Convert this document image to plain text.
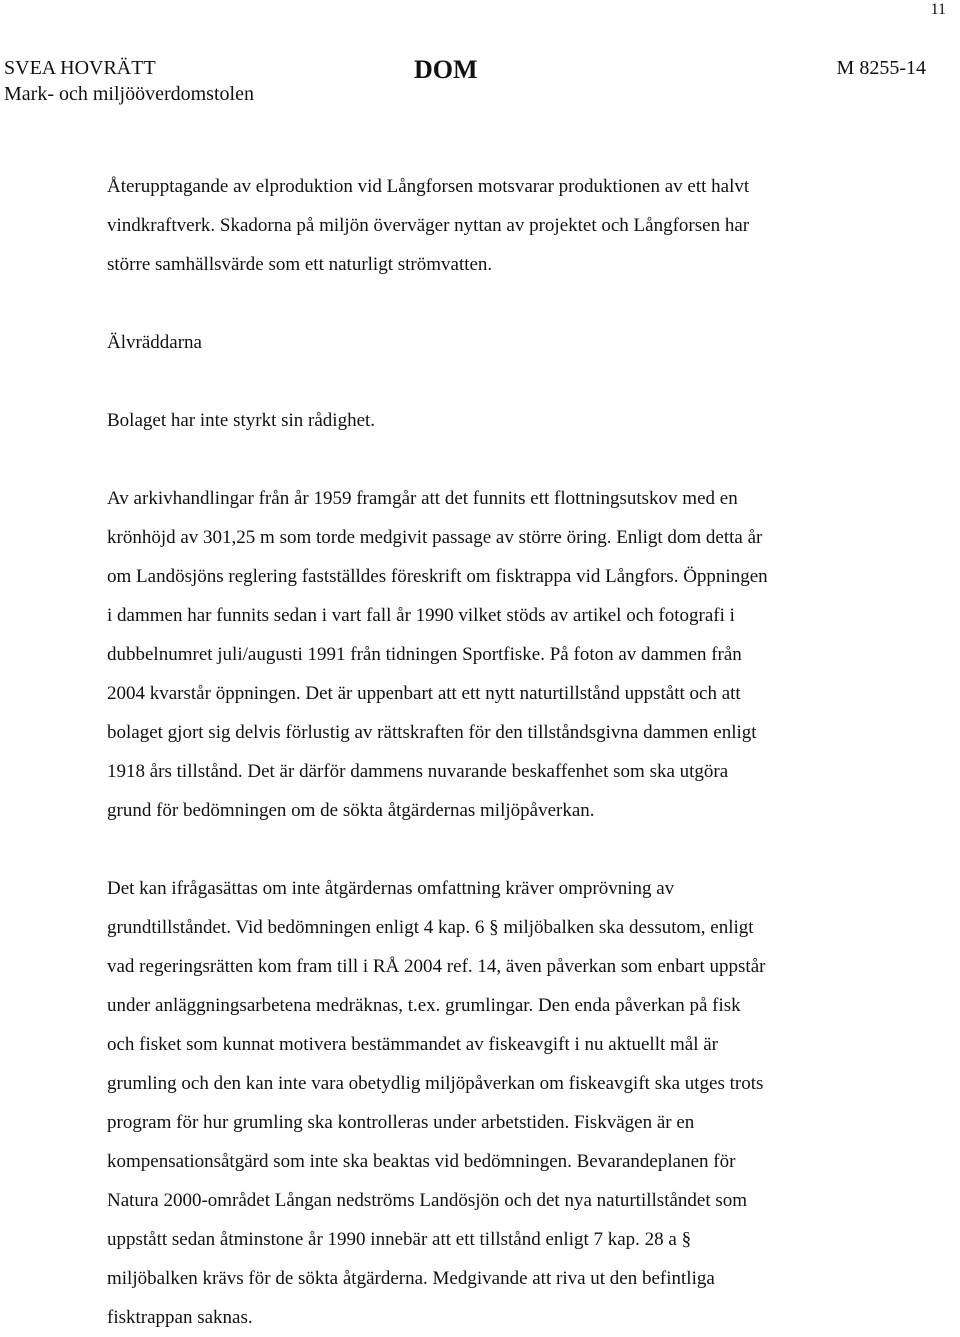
11
SVEA HOVRÄTT
Mark- och miljööverdomstolen
DOM	M 8255-14

Återupptagande av elproduktion vid Långforsen motsvarar produktionen av ett halvt
vindkraftverk. Skadorna på miljön överväger nyttan av projektet och Långforsen har
större samhällsvärde som ett naturligt strömvatten.

Älvräddarna

Bolaget har inte styrkt sin rådighet.

Av arkivhandlingar från år 1959 framgår att det funnits ett flottningsutskov med en
krönhöjd av 301,25 m som torde medgivit passage av större öring. Enligt dom detta år
om Landösjöns reglering fastställdes föreskrift om fisktrappa vid Långfors. Öppningen
i dammen har funnits sedan i vart fall år 1990 vilket stöds av artikel och fotografi i
dubbelnumret juli/augusti 1991 från tidningen Sportfiske. På foton av dammen från
2004 kvarstår öppningen. Det är uppenbart att ett nytt naturtillstånd uppstått och att
bolaget gjort sig delvis förlustig av rättskraften för den tillståndsgivna dammen enligt
1918 års tillstånd. Det är därför dammens nuvarande beskaffenhet som ska utgöra
grund för bedömningen om de sökta åtgärdernas miljöpåverkan.

Det kan ifrågasättas om inte åtgärdernas omfattning kräver omprövning av
grundtillståndet. Vid bedömningen enligt 4 kap. 6 § miljöbalken ska dessutom, enligt
vad regeringsrätten kom fram till i RÅ 2004 ref. 14, även påverkan som enbart uppstår
under anläggningsarbetena medräknas, t.ex. grumlingar. Den enda påverkan på fisk
och fisket som kunnat motivera bestämmandet av fiskeavgift i nu aktuellt mål är
grumling och den kan inte vara obetydlig miljöpåverkan om fiskeavgift ska utges trots
program för hur grumling ska kontrolleras under arbetstiden. Fiskvägen är en
kompensationsåtgärd som inte ska beaktas vid bedömningen. Bevarandeplanen för
Natura 2000-området Långan nedströms Landösjön och det nya naturtillståndet som
uppstått sedan åtminstone år 1990 innebär att ett tillstånd enligt 7 kap. 28 a §
miljöbalken krävs för de sökta åtgärderna. Medgivande att riva ut den befintliga
fisktrappan saknas.
